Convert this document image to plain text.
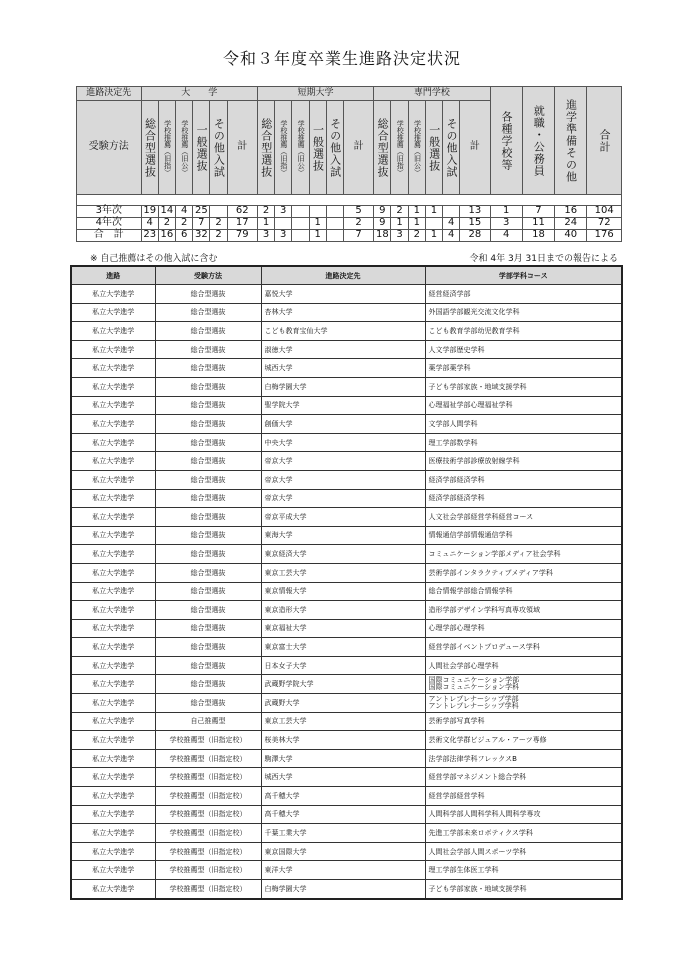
令和３年度卒業生進路決定状況
進路決定先	大　　学						短期大学						専門学校						各種学校等	就職・公務員	進学準備
その他	合計

受験方法	総合型選抜	学校推薦（旧指）	学校推薦（旧公）	一般選抜	その他入試	計	総合型選抜	学校推薦（旧指）	学校推薦（旧公）	一般選抜	その他入試	計	総合型選抜	学校推薦（旧指）	学校推薦（旧公）	一般選抜	その他入試	計				

3年次	19	14	4	25		62	2	3				5	9	2	1	1		13	1	7	16	104
4年次	4	2	2	7	2	17	1			1		2	9	1	1		4	15	3	11	24	72
合　計	23	16	6	32	2	79	3	3		1		7	18	3	2	1	4	28	4	18	40	176
※ 自己推薦はその他入試に含む	令和 4年 3月 31日までの報告による
進路	受験方法	進路決定先	学部学科コース
私立大学進学	総合型選抜	嘉悦大学	経営経済学部
私立大学進学	総合型選抜	杏林大学	外国語学部観光交流文化学科
私立大学進学	総合型選抜	こども教育宝仙大学	こども教育学部幼児教育学科
私立大学進学	総合型選抜	淑徳大学	人文学部歴史学科
私立大学進学	総合型選抜	城西大学	薬学部薬学科
私立大学進学	総合型選抜	白梅学園大学	子ども学部家族・地域支援学科
私立大学進学	総合型選抜	聖学院大学	心理福祉学部心理福祉学科
私立大学進学	総合型選抜	創価大学	文学部人間学科
私立大学進学	総合型選抜	中央大学	理工学部数学科
私立大学進学	総合型選抜	帝京大学	医療技術学部診療放射線学科
私立大学進学	総合型選抜	帝京大学	経済学部経済学科
私立大学進学	総合型選抜	帝京大学	経済学部経済学科
私立大学進学	総合型選抜	帝京平成大学	人文社会学部経営学科経営コース
私立大学進学	総合型選抜	東海大学	情報通信学部情報通信学科
私立大学進学	総合型選抜	東京経済大学	コミュニケーション学部メディア社会学科
私立大学進学	総合型選抜	東京工芸大学	芸術学部インタラクティブメディア学科
私立大学進学	総合型選抜	東京情報大学	総合情報学部総合情報学科
私立大学進学	総合型選抜	東京造形大学	造形学部デザイン学科写真専攻領域
私立大学進学	総合型選抜	東京福祉大学	心理学部心理学科
私立大学進学	総合型選抜	東京富士大学	経営学部イベントプロデュース学科
私立大学進学	総合型選抜	日本女子大学	人間社会学部心理学科
私立大学進学	総合型選抜	武蔵野学院大学	国際コミュニケーション学部
国際コミュニケーション学科
私立大学進学	総合型選抜	武蔵野大学	アントレプレナーシップ学部
アントレプレナーシップ学科
私立大学進学	自己推薦型	東京工芸大学	芸術学部写真学科
私立大学進学	学校推薦型（旧指定校）	桜美林大学	芸術文化学群ビジュアル・アーツ専修
私立大学進学	学校推薦型（旧指定校）	駒澤大学	法学部法律学科フレックスB
私立大学進学	学校推薦型（旧指定校）	城西大学	経営学部マネジメント総合学科
私立大学進学	学校推薦型（旧指定校）	高千穂大学	経営学部経営学科
私立大学進学	学校推薦型（旧指定校）	高千穂大学	人間科学部人間科学科人間科学専攻
私立大学進学	学校推薦型（旧指定校）	千葉工業大学	先進工学部未来ロボティクス学科
私立大学進学	学校推薦型（旧指定校）	東京国際大学	人間社会学部人間スポーツ学科
私立大学進学	学校推薦型（旧指定校）	東洋大学	理工学部生体医工学科
私立大学進学	学校推薦型（旧指定校）	白梅学園大学	子ども学部家族・地域支援学科
